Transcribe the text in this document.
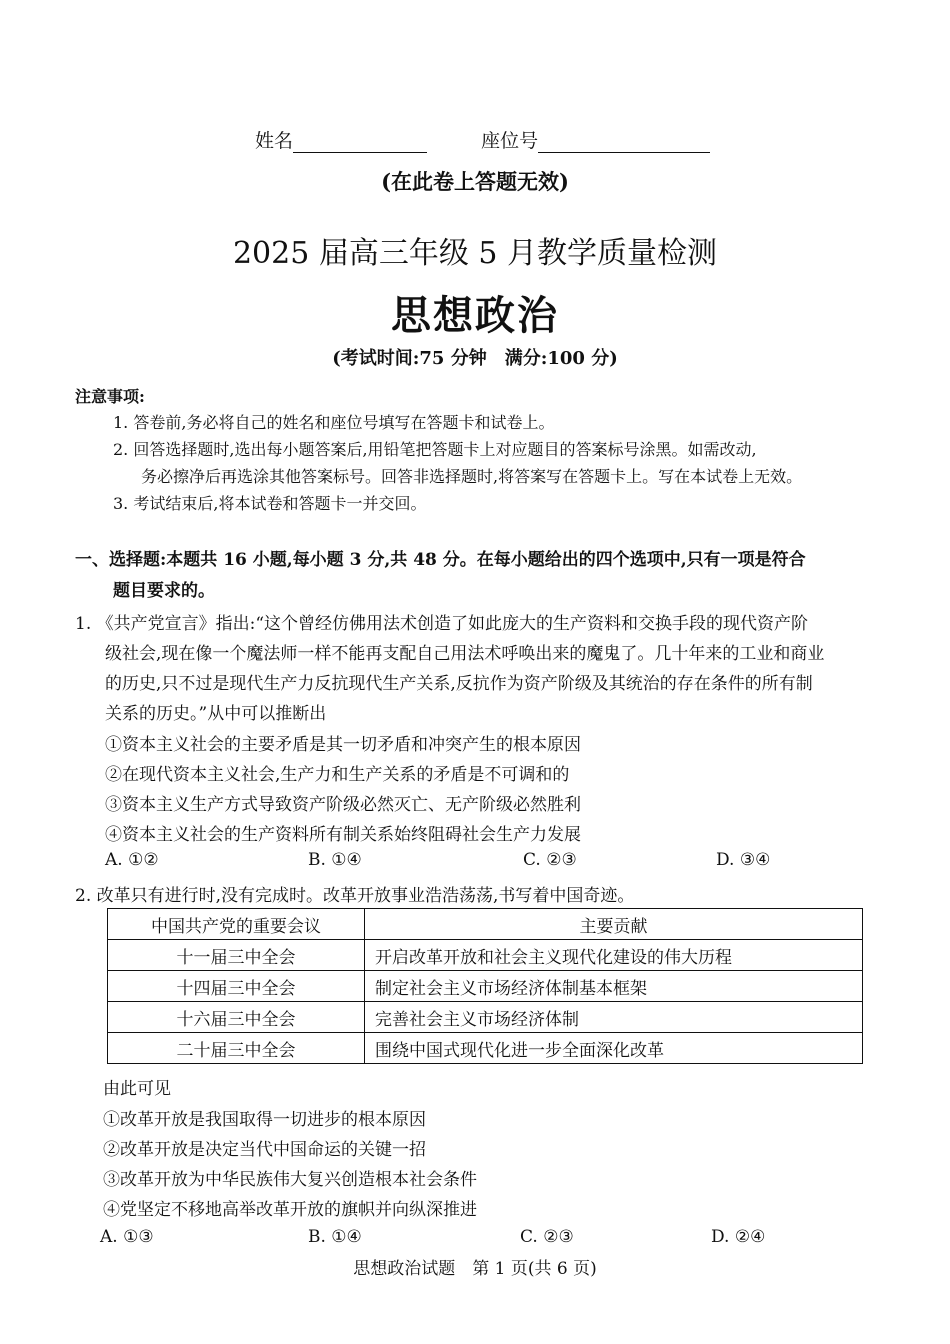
姓名	座位号
(在此卷上答题无效)
2025 届高三年级 5 月教学质量检测
思想政治
(考试时间:75 分钟　满分:100 分)
注意事项:
1. 答卷前,务必将自己的姓名和座位号填写在答题卡和试卷上。
2. 回答选择题时,选出每小题答案后,用铅笔把答题卡上对应题目的答案标号涂黑。如需改动,
务必擦净后再选涂其他答案标号。回答非选择题时,将答案写在答题卡上。写在本试卷上无效。
3. 考试结束后,将本试卷和答题卡一并交回。
一、选择题:本题共 16 小题,每小题 3 分,共 48 分。在每小题给出的四个选项中,只有一项是符合
题目要求的。
1. 《共产党宣言》指出:“这个曾经仿佛用法术创造了如此庞大的生产资料和交换手段的现代资产阶
级社会,现在像一个魔法师一样不能再支配自己用法术呼唤出来的魔鬼了。几十年来的工业和商业
的历史,只不过是现代生产力反抗现代生产关系,反抗作为资产阶级及其统治的存在条件的所有制
关系的历史。”从中可以推断出
①资本主义社会的主要矛盾是其一切矛盾和冲突产生的根本原因
②在现代资本主义社会,生产力和生产关系的矛盾是不可调和的
③资本主义生产方式导致资产阶级必然灭亡、无产阶级必然胜利
④资本主义社会的生产资料所有制关系始终阻碍社会生产力发展
A. ①②	B. ①④	C. ②③	D. ③④
2. 改革只有进行时,没有完成时。改革开放事业浩浩荡荡,书写着中国奇迹。
中国共产党的重要会议	主要贡献
十一届三中全会	开启改革开放和社会主义现代化建设的伟大历程
十四届三中全会	制定社会主义市场经济体制基本框架
十六届三中全会	完善社会主义市场经济体制
二十届三中全会	围绕中国式现代化进一步全面深化改革
由此可见
①改革开放是我国取得一切进步的根本原因
②改革开放是决定当代中国命运的关键一招
③改革开放为中华民族伟大复兴创造根本社会条件
④党坚定不移地高举改革开放的旗帜并向纵深推进
A. ①③	B. ①④	C. ②③	D. ②④
思想政治试题　第 1 页(共 6 页)
